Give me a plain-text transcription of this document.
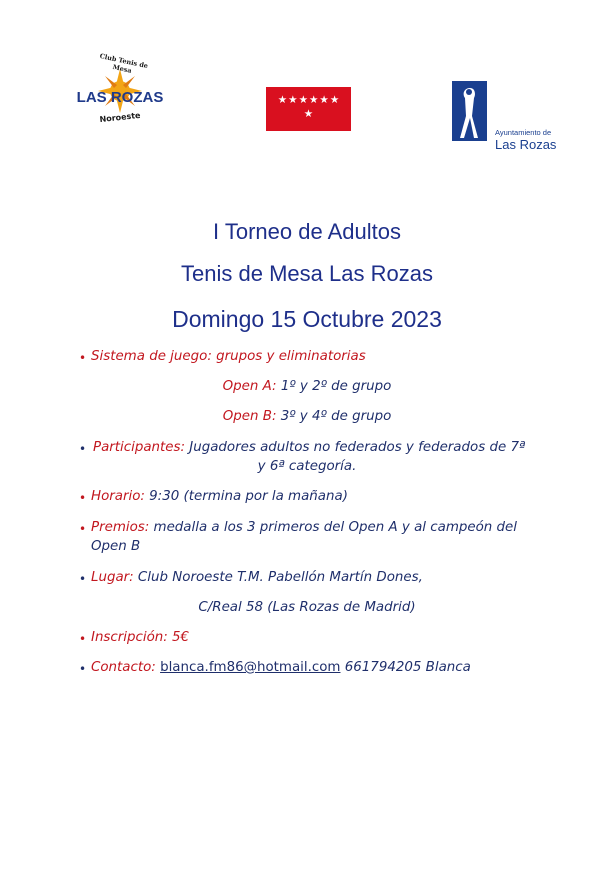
Club Tenis de Mesa
LAS ROZAS
Noroeste
★★★★★★★
Ayuntamiento de
Las Rozas
I Torneo de Adultos
Tenis de Mesa Las Rozas
Domingo 15 Octubre 2023
• Sistema de juego: grupos y eliminatorias
Open A: 1º y 2º de grupo
Open B: 3º y 4º de grupo
• Participantes: Jugadores adultos no federados y federados de 7ª
y 6ª categoría.
• Horario: 9:30 (termina por la mañana)
• Premios: medalla a los 3 primeros del Open A y al campeón del
Open B
• Lugar: Club Noroeste T.M. Pabellón Martín Dones,
C/Real 58 (Las Rozas de Madrid)
• Inscripción: 5€
• Contacto: blanca.fm86@hotmail.com 661794205 Blanca
